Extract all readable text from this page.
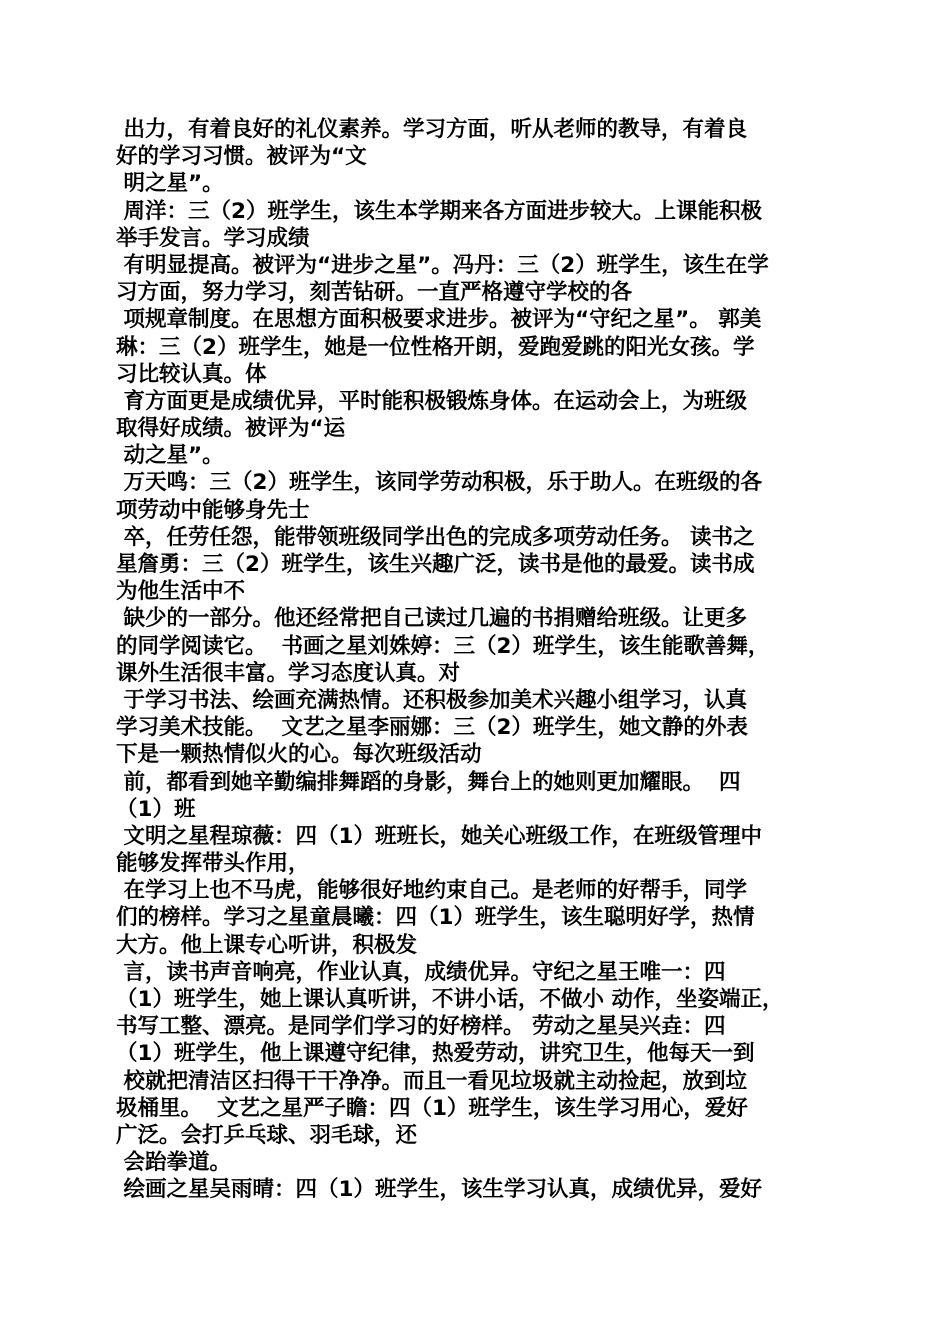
出力，有着良好的礼仪素养。学习方面，听从老师的教导，有着良
好的学习习惯。被评为“文
明之星”。
周洋：三（2）班学生，该生本学期来各方面进步较大。上课能积极
举手发言。学习成绩
有明显提高。被评为“进步之星”。冯丹：三（2）班学生，该生在学
习方面，努力学习，刻苦钻研。一直严格遵守学校的各
项规章制度。在思想方面积极要求进步。被评为“守纪之星”。 郭美
琳：三（2）班学生，她是一位性格开朗，爱跑爱跳的阳光女孩。学
习比较认真。体
育方面更是成绩优异，平时能积极锻炼身体。在运动会上，为班级
取得好成绩。被评为“运
动之星”。
万天鸣：三（2）班学生，该同学劳动积极，乐于助人。在班级的各
项劳动中能够身先士
卒，任劳任怨，能带领班级同学出色的完成多项劳动任务。 读书之
星詹勇：三（2）班学生，该生兴趣广泛，读书是他的最爱。读书成
为他生活中不
缺少的一部分。他还经常把自己读过几遍的书捐赠给班级。让更多
的同学阅读它。  书画之星刘姝婷：三（2）班学生，该生能歌善舞，
课外生活很丰富。学习态度认真。对
于学习书法、绘画充满热情。还积极参加美术兴趣小组学习，认真
学习美术技能。  文艺之星李丽娜：三（2）班学生，她文静的外表
下是一颗热情似火的心。每次班级活动
前，都看到她辛勤编排舞蹈的身影，舞台上的她则更加耀眼。  四
（1）班
文明之星程琼薇：四（1）班班长，她关心班级工作，在班级管理中
能够发挥带头作用，
在学习上也不马虎，能够很好地约束自己。是老师的好帮手，同学
们的榜样。学习之星童晨曦：四（1）班学生，该生聪明好学，热情
大方。他上课专心听讲，积极发
言，读书声音响亮，作业认真，成绩优异。守纪之星王唯一：四
（1）班学生，她上课认真听讲，不讲小话，不做小 动作，坐姿端正，
书写工整、漂亮。是同学们学习的好榜样。 劳动之星吴兴垚：四
（1）班学生，他上课遵守纪律，热爱劳动，讲究卫生，他每天一到
校就把清洁区扫得干干净净。而且一看见垃圾就主动捡起，放到垃
圾桶里。  文艺之星严子瞻：四（1）班学生，该生学习用心，爱好
广泛。会打乒乓球、羽毛球，还
会跆拳道。
绘画之星吴雨晴：四（1）班学生，该生学习认真，成绩优异，爱好
